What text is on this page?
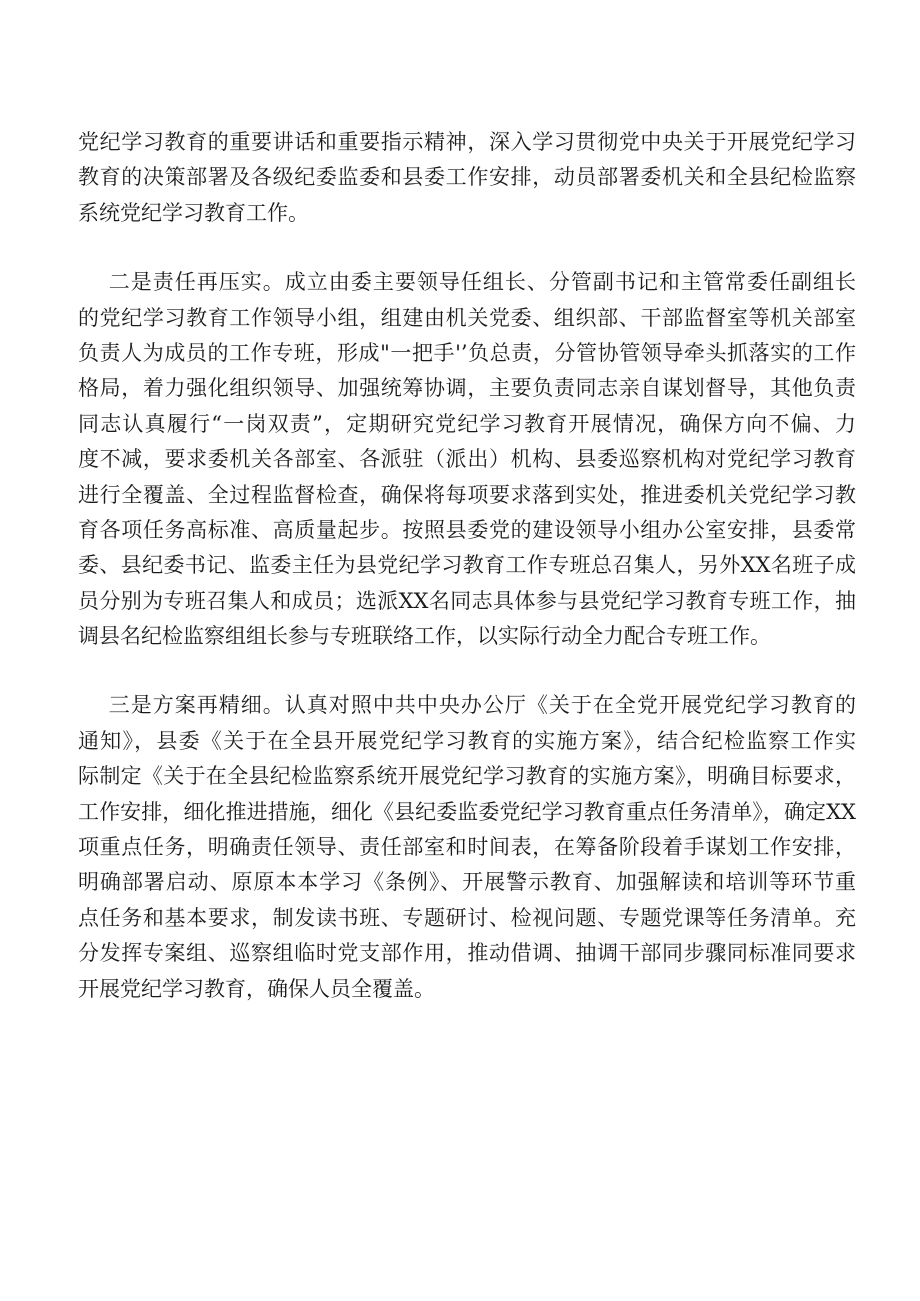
党纪学习教育的重要讲话和重要指示精神，深入学习贯彻党中央关于开展党纪学习
教育的决策部署及各级纪委监委和县委工作安排，动员部署委机关和全县纪检监察
系统党纪学习教育工作。
二是责任再压实。成立由委主要领导任组长、分管副书记和主管常委任副组长
的党纪学习教育工作领导小组，组建由机关党委、组织部、干部监督室等机关部室
负责人为成员的工作专班，形成"一把手'’负总责，分管协管领导牵头抓落实的工作
格局，着力强化组织领导、加强统筹协调，主要负责同志亲自谋划督导，其他负责
同志认真履行“一岗双责”，定期研究党纪学习教育开展情况，确保方向不偏、力
度不减，要求委机关各部室、各派驻（派出）机构、县委巡察机构对党纪学习教育
进行全覆盖、全过程监督检查，确保将每项要求落到实处，推进委机关党纪学习教
育各项任务高标准、高质量起步。按照县委党的建设领导小组办公室安排，县委常
委、县纪委书记、监委主任为县党纪学习教育工作专班总召集人，另外XX名班子成
员分别为专班召集人和成员；选派XX名同志具体参与县党纪学习教育专班工作，抽
调县名纪检监察组组长参与专班联络工作，以实际行动全力配合专班工作。
三是方案再精细。认真对照中共中央办公厅《关于在全党开展党纪学习教育的
通知》，县委《关于在全县开展党纪学习教育的实施方案》，结合纪检监察工作实
际制定《关于在全县纪检监察系统开展党纪学习教育的实施方案》，明确目标要求，
工作安排，细化推进措施，细化《县纪委监委党纪学习教育重点任务清单》，确定XX
项重点任务，明确责任领导、责任部室和时间表，在筹备阶段着手谋划工作安排，
明确部署启动、原原本本学习《条例》、开展警示教育、加强解读和培训等环节重
点任务和基本要求，制发读书班、专题研讨、检视问题、专题党课等任务清单。充
分发挥专案组、巡察组临时党支部作用，推动借调、抽调干部同步骤同标准同要求
开展党纪学习教育，确保人员全覆盖。
